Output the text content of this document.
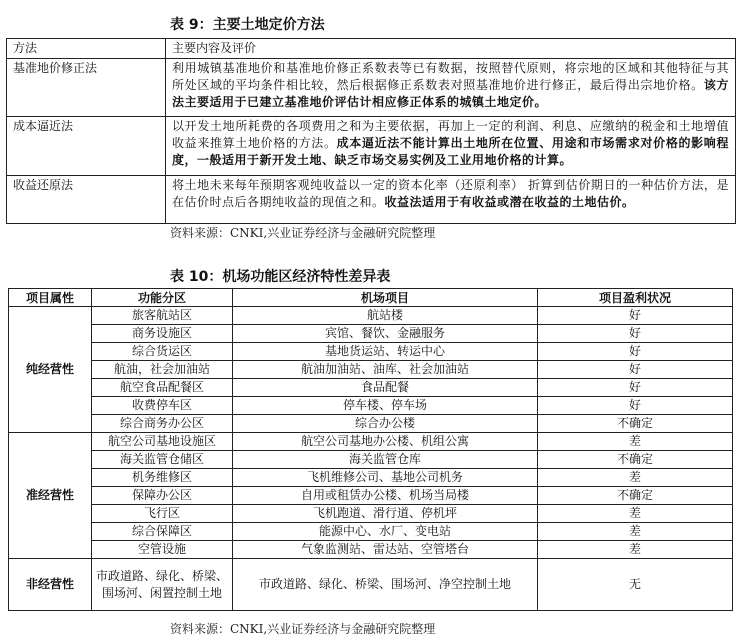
表 9：主要土地定价方法
方法	主要内容及评价
基准地价修正法	利用城镇基准地价和基准地价修正系数表等已有数据，按照替代原则，将宗地的区域和其他特征与其所处区域的平均条件相比较，然后根据修正系数表对照基准地价进行修正，最后得出宗地价格。该方法主要适用于已建立基准地价评估计相应修正体系的城镇土地定价。
成本逼近法	以开发土地所耗费的各项费用之和为主要依据，再加上一定的利润、利息、应缴纳的税金和土地增值收益来推算土地价格的方法。成本逼近法不能计算出土地所在位置、用途和市场需求对价格的影响程度，一般适用于新开发土地、缺乏市场交易实例及工业用地价格的计算。
收益还原法	将土地未来每年预期客观纯收益以一定的资本化率（还原利率） 折算到估价期日的一种估价方法，是在估价时点后各期纯收益的现值之和。收益法适用于有收益或潜在收益的土地估价。
资料来源：CNKI,兴业证券经济与金融研究院整理
表 10：机场功能区经济特性差异表
项目属性	功能分区	机场项目	项目盈利状况
纯经营性	旅客航站区	航站楼	好
	商务设施区	宾馆、餐饮、金融服务	好
	综合货运区	基地货运站、转运中心	好
	航油，社会加油站	航油加油站、油库、社会加油站	好
	航空食品配餐区	食品配餐	好
	收费停车区	停车楼、停车场	好
	综合商务办公区	综合办公楼	不确定
准经营性	航空公司基地设施区	航空公司基地办公楼、机组公寓	差
	海关监管仓储区	海关监管仓库	不确定
	机务维修区	飞机维修公司、基地公司机务	差
	保障办公区	自用或租赁办公楼、机场当局楼	不确定
	飞行区	飞机跑道、滑行道、停机坪	差
	综合保障区	能源中心、水厂、变电站	差
	空管设施	气象监测站、雷达站、空管塔台	差
非经营性	市政道路、绿化、桥梁、围场河、闲置控制土地	市政道路、绿化、桥梁、围场河、净空控制土地	无
资料来源：CNKI,兴业证券经济与金融研究院整理
